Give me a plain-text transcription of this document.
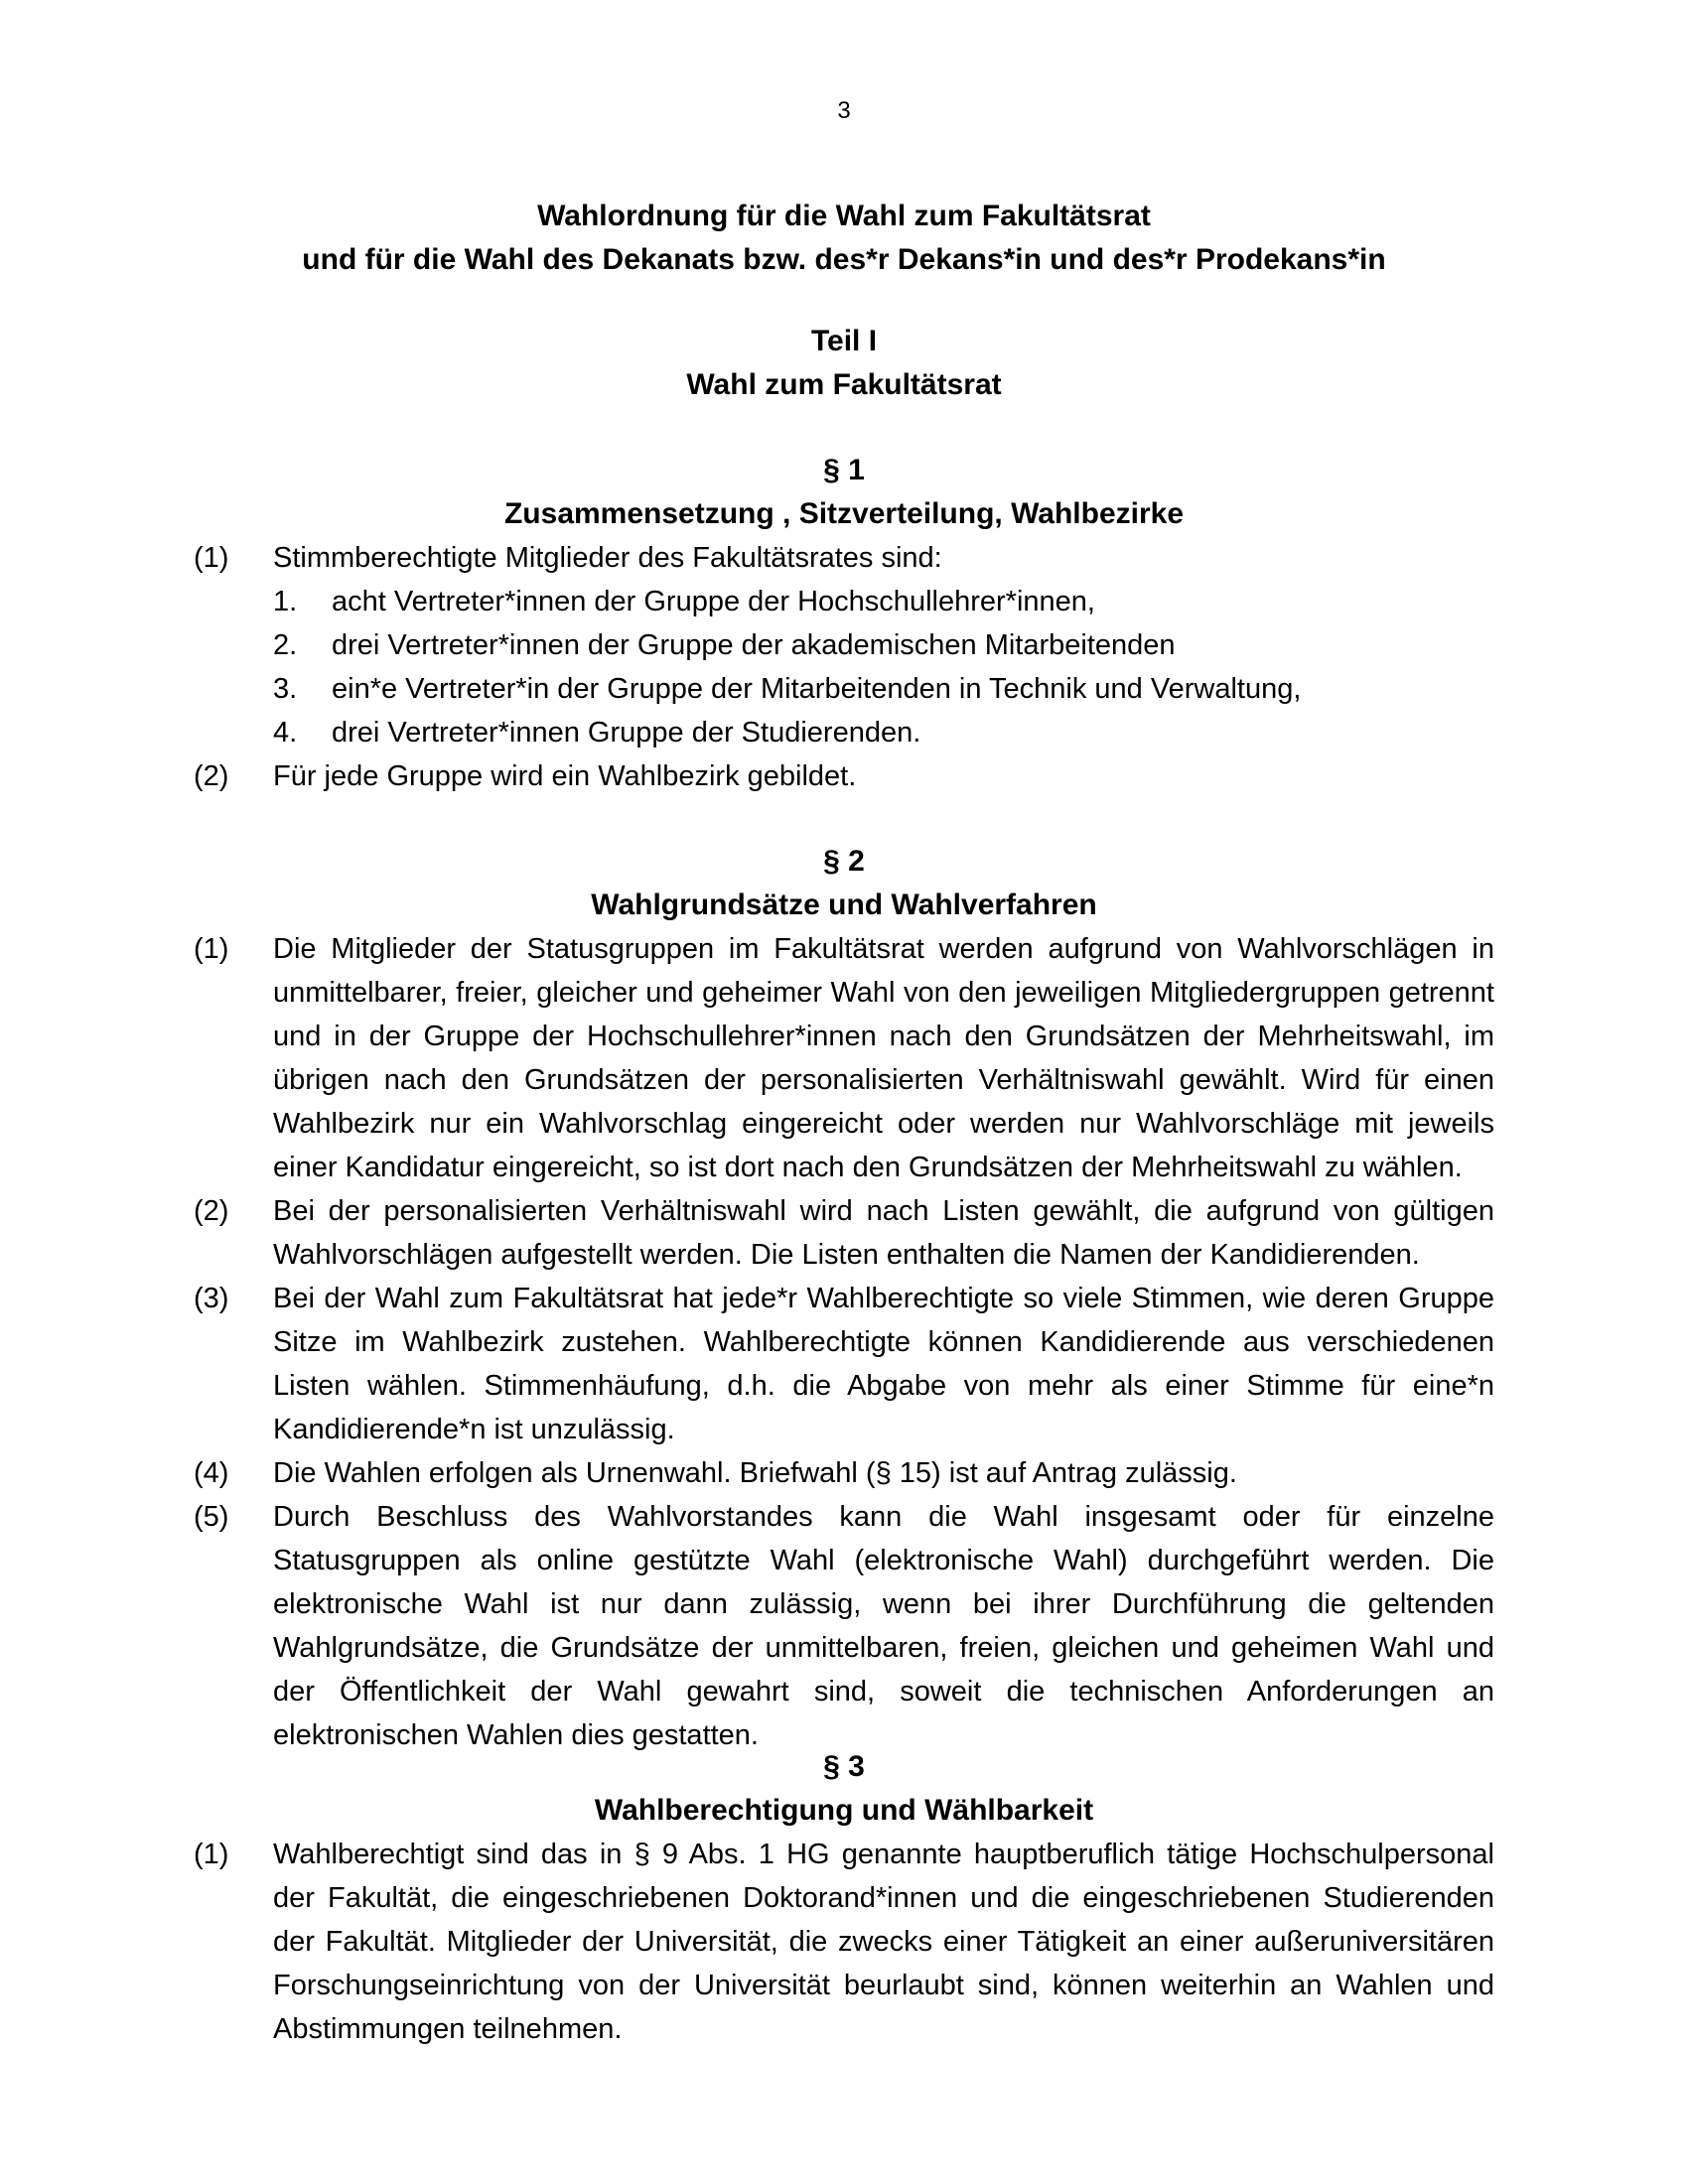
3
Wahlordnung für die Wahl zum Fakultätsrat
und für die Wahl des Dekanats bzw. des*r Dekans*in und des*r Prodekans*in
Teil I
Wahl zum Fakultätsrat
§ 1
Zusammensetzung , Sitzverteilung, Wahlbezirke
(1)	Stimmberechtigte Mitglieder des Fakultätsrates sind:
1.	acht Vertreter*innen der Gruppe der Hochschullehrer*innen,
2.	drei Vertreter*innen der Gruppe der akademischen Mitarbeitenden
3.	ein*e Vertreter*in der Gruppe der Mitarbeitenden in Technik und Verwaltung,
4.	drei Vertreter*innen Gruppe der Studierenden.
(2)	Für jede Gruppe wird ein Wahlbezirk gebildet.
§ 2
Wahlgrundsätze und Wahlverfahren
(1)	Die Mitglieder der Statusgruppen im Fakultätsrat werden aufgrund von Wahlvorschlägen in unmittelbarer, freier, gleicher und geheimer Wahl von den jeweiligen Mitgliedergruppen getrennt und in der Gruppe der Hochschullehrer*innen nach den Grundsätzen der Mehrheitswahl, im übrigen nach den Grundsätzen der personalisierten Verhältniswahl gewählt. Wird für einen Wahlbezirk nur ein Wahlvorschlag eingereicht oder werden nur Wahlvorschläge mit jeweils einer Kandidatur eingereicht, so ist dort nach den Grundsätzen der Mehrheitswahl zu wählen.
(2)	Bei der personalisierten Verhältniswahl wird nach Listen gewählt, die aufgrund von gültigen Wahlvorschlägen aufgestellt werden. Die Listen enthalten die Namen der Kandidierenden.
(3)	Bei der Wahl zum Fakultätsrat hat jede*r Wahlberechtigte so viele Stimmen, wie deren Gruppe Sitze im Wahlbezirk zustehen. Wahlberechtigte können Kandidierende aus verschiedenen Listen wählen. Stimmenhäufung, d.h. die Abgabe von mehr als einer Stimme für eine*n Kandidierende*n ist unzulässig.
(4)	Die Wahlen erfolgen als Urnenwahl. Briefwahl (§ 15) ist auf Antrag zulässig.
(5)	Durch Beschluss des Wahlvorstandes kann die Wahl insgesamt oder für einzelne Statusgruppen als online gestützte Wahl (elektronische Wahl) durchgeführt werden. Die elektronische Wahl ist nur dann zulässig, wenn bei ihrer Durchführung die geltenden Wahlgrundsätze, die Grundsätze der unmittelbaren, freien, gleichen und geheimen Wahl und der Öffentlichkeit der Wahl gewahrt sind, soweit die technischen Anforderungen an elektronischen Wahlen dies gestatten.
§ 3
Wahlberechtigung und Wählbarkeit
(1)	Wahlberechtigt sind das in § 9 Abs. 1 HG genannte hauptberuflich tätige Hochschulpersonal der Fakultät, die eingeschriebenen Doktorand*innen und die eingeschriebenen Studierenden der Fakultät. Mitglieder der Universität, die zwecks einer Tätigkeit an einer außeruniversitären Forschungseinrichtung von der Universität beurlaubt sind, können weiterhin an Wahlen und Abstimmungen teilnehmen.
